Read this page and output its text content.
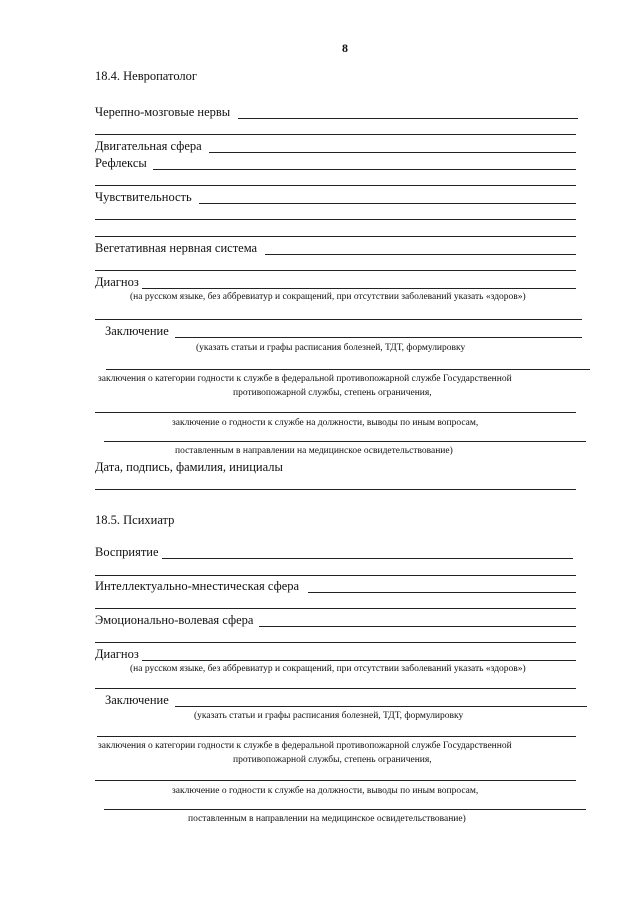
8
18.4. Невропатолог
Черепно-мозговые нервы
Двигательная сфера
Рефлексы
Чувствительность
Вегетативная нервная система
Диагноз
(на русском языке, без аббревиатур и сокращений, при отсутствии заболеваний указать «здоров»)
Заключение
(указать статьи и графы расписания болезней, ТДТ, формулировку
заключения о категории годности к службе в федеральной противопожарной службе Государственной
противопожарной службы, степень ограничения,
заключение о годности к службе на должности, выводы по иным вопросам,
поставленным в направлении на медицинское освидетельствование)
Дата, подпись, фамилия, инициалы
18.5. Психиатр
Восприятие
Интеллектуально-мнестическая сфера
Эмоционально-волевая сфера
Диагноз
(на русском языке, без аббревиатур и сокращений, при отсутствии заболеваний указать «здоров»)
Заключение
(указать статьи и графы расписания болезней, ТДТ, формулировку
заключения о категории годности к службе в федеральной противопожарной службе Государственной
противопожарной службы, степень ограничения,
заключение о годности к службе на должности, выводы по иным вопросам,
поставленным в направлении на медицинское освидетельствование)
